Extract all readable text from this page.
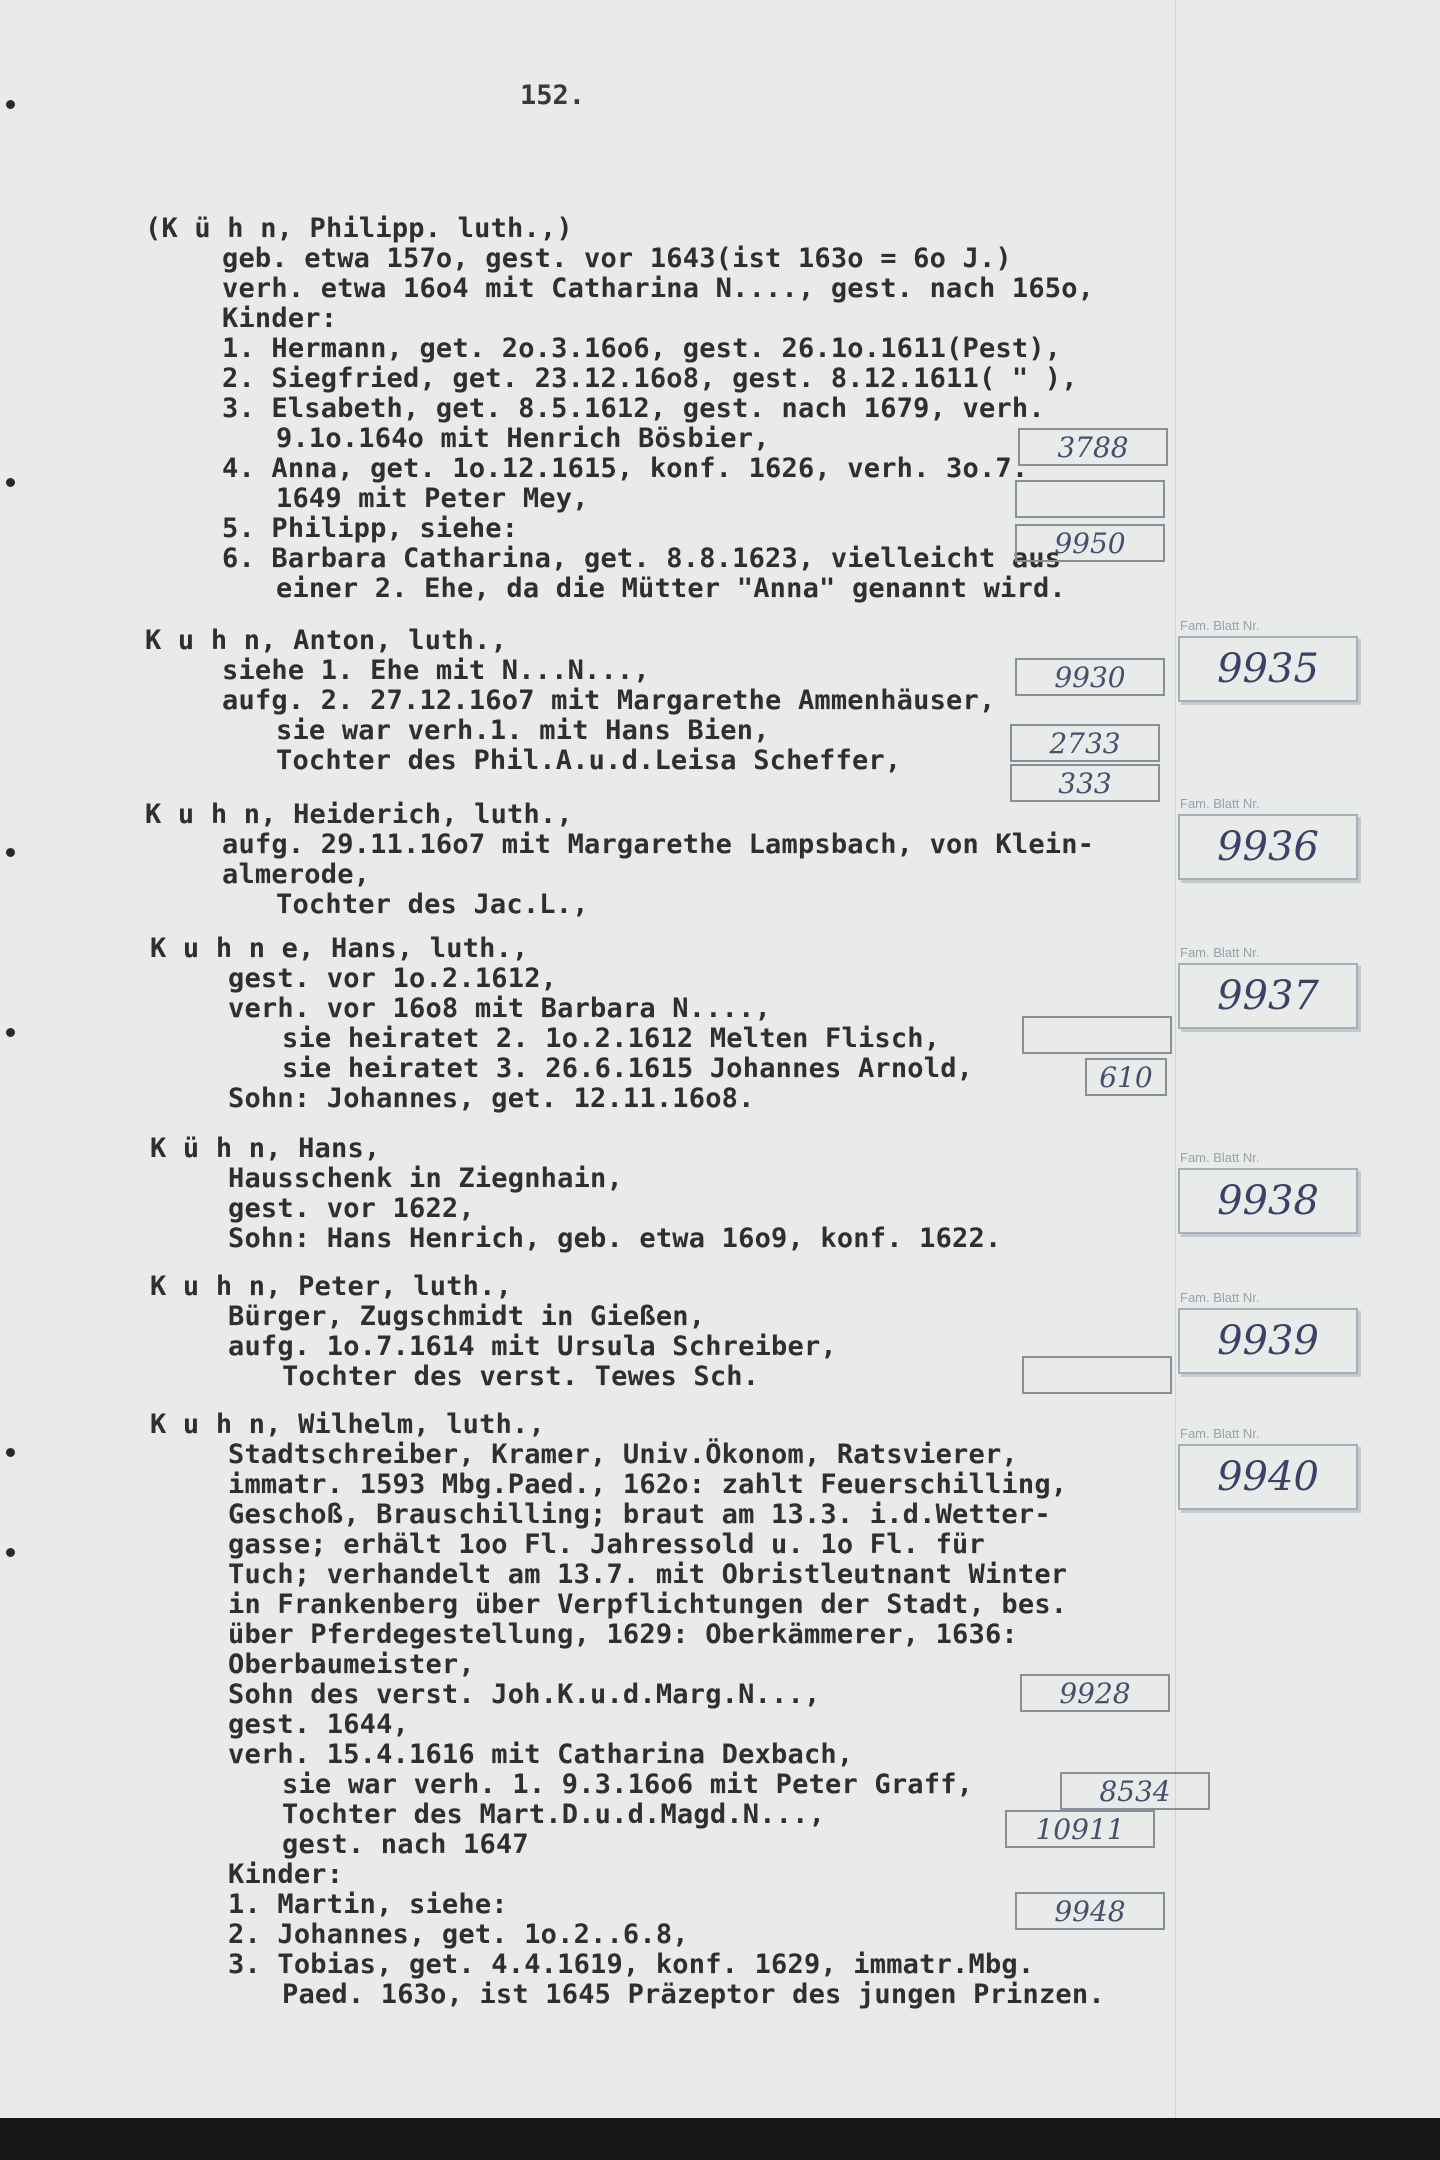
152.
(K ü h n, Philipp. luth.,)
geb. etwa 157o, gest. vor 1643(ist 163o = 6o J.)
verh. etwa 16o4 mit Catharina N...., gest. nach 165o,
Kinder:
1. Hermann, get. 2o.3.16o6, gest. 26.1o.1611(Pest),
2. Siegfried, get. 23.12.16o8, gest. 8.12.1611( " ),
3. Elsabeth, get. 8.5.1612, gest. nach 1679, verh.
9.1o.164o mit Henrich Bösbier,
4. Anna, get. 1o.12.1615, konf. 1626, verh. 3o.7.
1649 mit Peter Mey,
5. Philipp, siehe:
6. Barbara Catharina, get. 8.8.1623, vielleicht aus
einer 2. Ehe, da die Mütter "Anna" genannt wird.
K u h n, Anton, luth.,
siehe 1. Ehe mit N...N...,
aufg. 2. 27.12.16o7 mit Margarethe Ammenhäuser,
sie war verh.1. mit Hans Bien,
Tochter des Phil.A.u.d.Leisa Scheffer,
K u h n, Heiderich, luth.,
aufg. 29.11.16o7 mit Margarethe Lampsbach, von Klein-
almerode,
Tochter des Jac.L.,
K u h n e, Hans, luth.,
gest. vor 1o.2.1612,
verh. vor 16o8 mit Barbara N....,
sie heiratet 2. 1o.2.1612 Melten Flisch,
sie heiratet 3. 26.6.1615 Johannes Arnold,
Sohn: Johannes, get. 12.11.16o8.
K ü h n, Hans,
Hausschenk in Ziegnhain,
gest. vor 1622,
Sohn: Hans Henrich, geb. etwa 16o9, konf. 1622.
K u h n, Peter, luth.,
Bürger, Zugschmidt in Gießen,
aufg. 1o.7.1614 mit Ursula Schreiber,
Tochter des verst. Tewes Sch.
K u h n, Wilhelm, luth.,
Stadtschreiber, Kramer, Univ.Ökonom, Ratsvierer,
immatr. 1593 Mbg.Paed., 162o: zahlt Feuerschilling,
Geschoß, Brauschilling; braut am 13.3. i.d.Wetter-
gasse; erhält 1oo Fl. Jahressold u. 1o Fl. für
Tuch; verhandelt am 13.7. mit Obristleutnant Winter
in Frankenberg über Verpflichtungen der Stadt, bes.
über Pferdegestellung, 1629: Oberkämmerer, 1636:
Oberbaumeister,
Sohn des verst. Joh.K.u.d.Marg.N...,
gest. 1644,
verh. 15.4.1616 mit Catharina Dexbach,
sie war verh. 1. 9.3.16o6 mit Peter Graff,
Tochter des Mart.D.u.d.Magd.N...,
gest. nach 1647
Kinder:
1. Martin, siehe:
2. Johannes, get. 1o.2..6.8,
3. Tobias, get. 4.4.1619, konf. 1629, immatr.Mbg.
Paed. 163o, ist 1645 Präzeptor des jungen Prinzen.
3788
9950
9930
2733
333
610
9928
8534
10911
9948
Fam. Blatt Nr.
9935
Fam. Blatt Nr.
9936
Fam. Blatt Nr.
9937
Fam. Blatt Nr.
9938
Fam. Blatt Nr.
9939
Fam. Blatt Nr.
9940
